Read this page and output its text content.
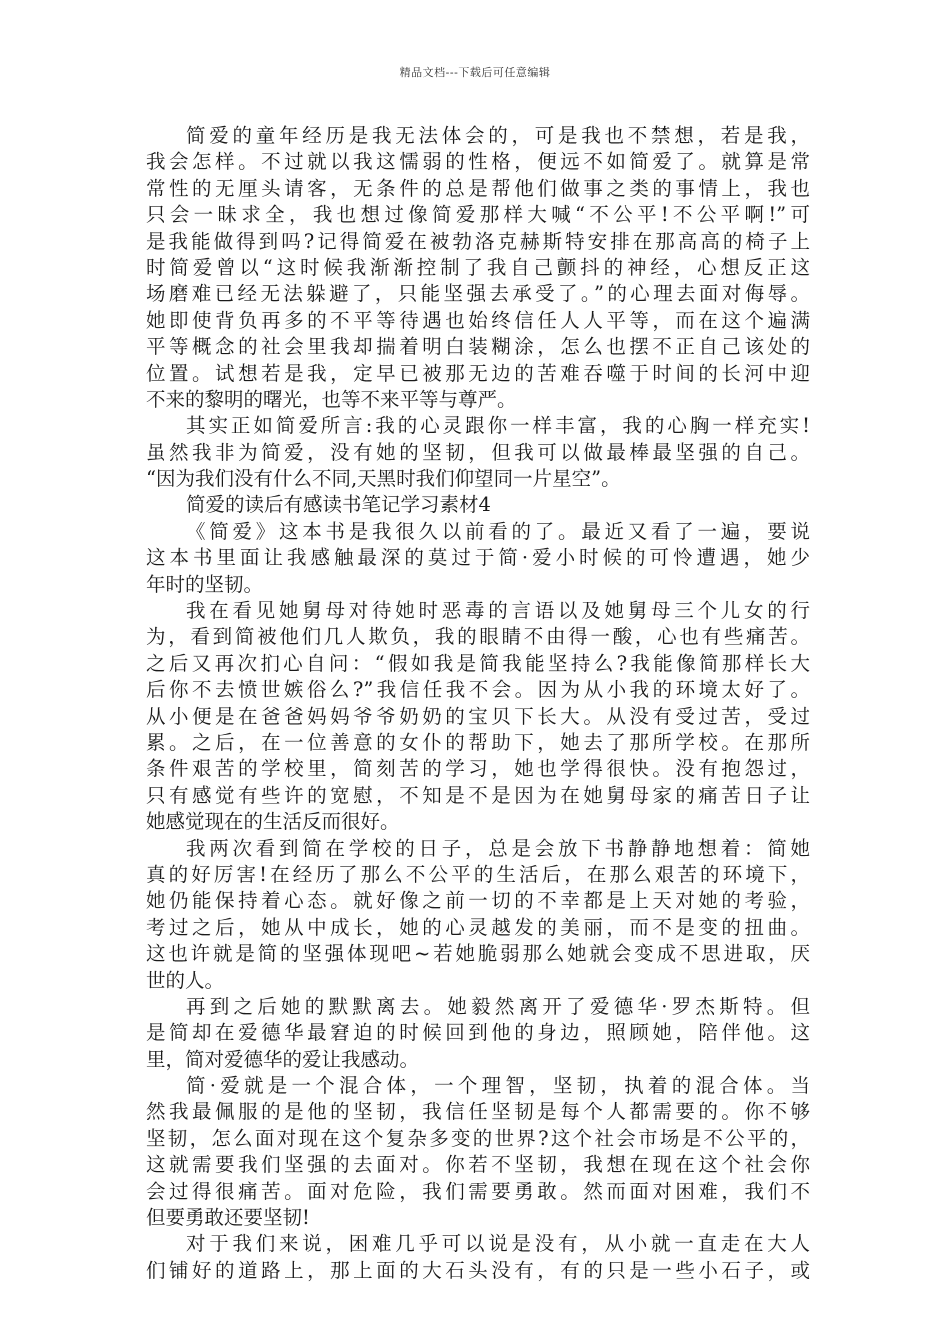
精品文档---下载后可任意编辑
简爱的童年经历是我无法体会的，可是我也不禁想，若是我，
我会怎样。不过就以我这懦弱的性格，便远不如简爱了。就算是常
常性的无厘头请客，无条件的总是帮他们做事之类的事情上，我也
只会一昧求全，我也想过像简爱那样大喊“不公平!不公平啊!”可
是我能做得到吗?记得简爱在被勃洛克赫斯特安排在那高高的椅子上
时简爱曾以“这时候我渐渐控制了我自己颤抖的神经，心想反正这
场磨难已经无法躲避了，只能坚强去承受了。”的心理去面对侮辱。
她即使背负再多的不平等待遇也始终信任人人平等，而在这个遍满
平等概念的社会里我却揣着明白装糊涂，怎么也摆不正自己该处的
位置。试想若是我，定早已被那无边的苦难吞噬于时间的长河中迎
不来的黎明的曙光，也等不来平等与尊严。
其实正如简爱所言:我的心灵跟你一样丰富，我的心胸一样充实!
虽然我非为简爱，没有她的坚韧，但我可以做最棒最坚强的自己。
“因为我们没有什么不同,天黑时我们仰望同一片星空”。
简爱的读后有感读书笔记学习素材4
《简爱》这本书是我很久以前看的了。最近又看了一遍，要说
这本书里面让我感触最深的莫过于简·爱小时候的可怜遭遇，她少
年时的坚韧。
我在看见她舅母对待她时恶毒的言语以及她舅母三个儿女的行
为，看到简被他们几人欺负，我的眼睛不由得一酸，心也有些痛苦。
之后又再次扪心自问：“假如我是简我能坚持么?我能像简那样长大
后你不去愤世嫉俗么?”我信任我不会。因为从小我的环境太好了。
从小便是在爸爸妈妈爷爷奶奶的宝贝下长大。从没有受过苦，受过
累。之后，在一位善意的女仆的帮助下，她去了那所学校。在那所
条件艰苦的学校里，简刻苦的学习，她也学得很快。没有抱怨过，
只有感觉有些许的宽慰，不知是不是因为在她舅母家的痛苦日子让
她感觉现在的生活反而很好。
我两次看到简在学校的日子，总是会放下书静静地想着：简她
真的好厉害!在经历了那么不公平的生活后，在那么艰苦的环境下，
她仍能保持着心态。就好像之前一切的不幸都是上天对她的考验，
考过之后，她从中成长，她的心灵越发的美丽，而不是变的扭曲。
这也许就是简的坚强体现吧~若她脆弱那么她就会变成不思进取，厌
世的人。
再到之后她的默默离去。她毅然离开了爱德华·罗杰斯特。但
是简却在爱德华最窘迫的时候回到他的身边，照顾她，陪伴他。这
里，简对爱德华的爱让我感动。
简·爱就是一个混合体，一个理智，坚韧，执着的混合体。当
然我最佩服的是他的坚韧，我信任坚韧是每个人都需要的。你不够
坚韧，怎么面对现在这个复杂多变的世界?这个社会市场是不公平的，
这就需要我们坚强的去面对。你若不坚韧，我想在现在这个社会你
会过得很痛苦。面对危险，我们需要勇敢。然而面对困难，我们不
但要勇敢还要坚韧!
对于我们来说，困难几乎可以说是没有，从小就一直走在大人
们铺好的道路上，那上面的大石头没有，有的只是一些小石子，或
